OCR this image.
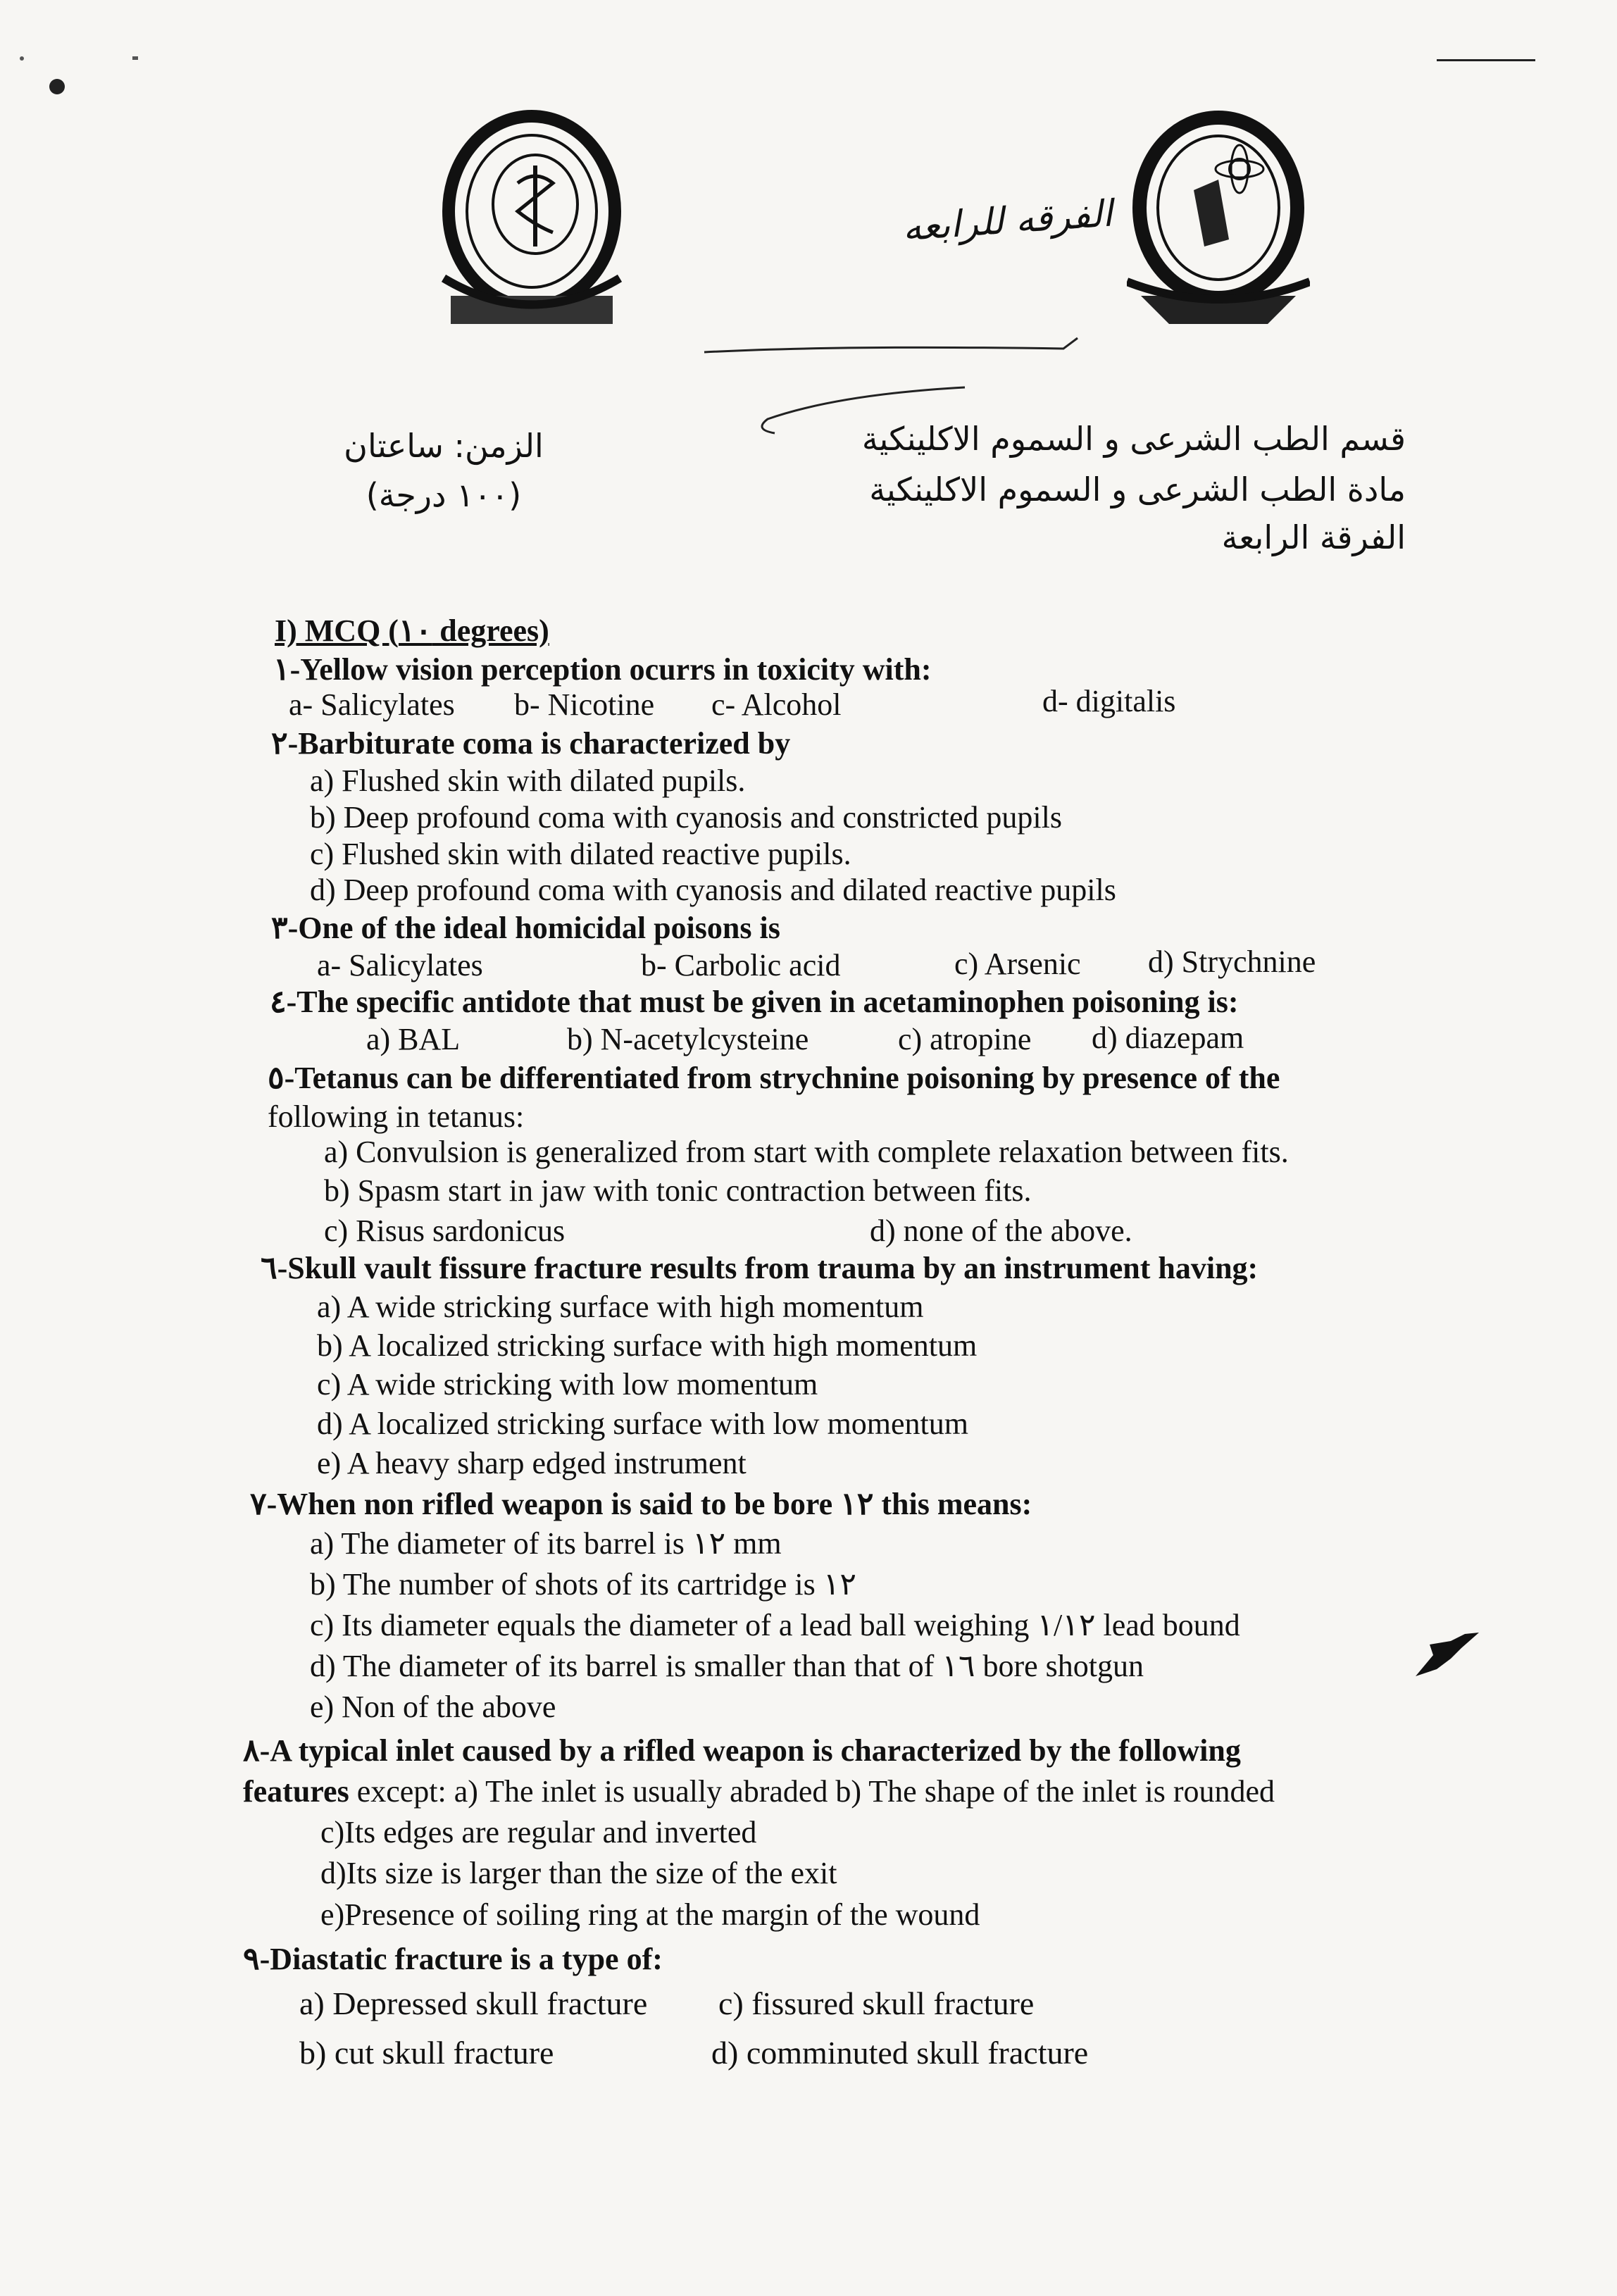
الفرقه للرابعه
قسم الطب الشرعى و السموم الاكلينكية
مادة الطب الشرعى و السموم الاكلينكية
الفرقة الرابعة
الزمن: ساعتان
(١٠٠ درجة)
I) MCQ (١٠ degrees)
١-Yellow vision perception ocurrs in toxicity with:
a- Salicylates b- Nicotine c- Alcohol	d- digitalis
٢-Barbiturate coma is characterized by
a) Flushed skin with dilated pupils.
b) Deep profound coma with cyanosis and constricted pupils
c) Flushed skin with dilated reactive pupils.
d) Deep profound coma with cyanosis and dilated reactive pupils
٣-One of the ideal homicidal poisons is
a- Salicylates	b- Carbolic acid	c) Arsenic d) Strychnine
٤-The specific antidote that must be given in acetaminophen poisoning is:
a) BAL	b) N-acetylcysteine	c) atropine d) diazepam
٥-Tetanus can be differentiated from strychnine poisoning by presence of the
following in tetanus:
a) Convulsion is generalized from start with complete relaxation between fits.
b) Spasm start in jaw with tonic contraction between fits.
c) Risus sardonicus	d) none of the above.
٦-Skull vault fissure fracture results from trauma by an instrument having:
a) A wide stricking surface with high momentum
b) A localized stricking surface with high momentum
c) A wide stricking with low momentum
d) A localized stricking surface with low momentum
e) A heavy sharp edged instrument
٧-When non rifled weapon is said to be bore ١٢ this means:
a) The diameter of its barrel is ١٢ mm
b) The number of shots of its cartridge is ١٢
c) Its diameter equals the diameter of a lead ball weighing ١/١٢ lead bound
d) The diameter of its barrel is smaller than that of ١٦ bore shotgun
e) Non of the above
٨-A typical inlet caused by a rifled weapon is characterized by the following
features except: a) The inlet is usually abraded b) The shape of the inlet is rounded
c)Its edges are regular and inverted
d)Its size is larger than the size of the exit
e)Presence of soiling ring at the margin of the wound
٩-Diastatic fracture is a type of:
a) Depressed skull fracture c) fissured skull fracture
b) cut skull fracture	d) comminuted skull fracture
